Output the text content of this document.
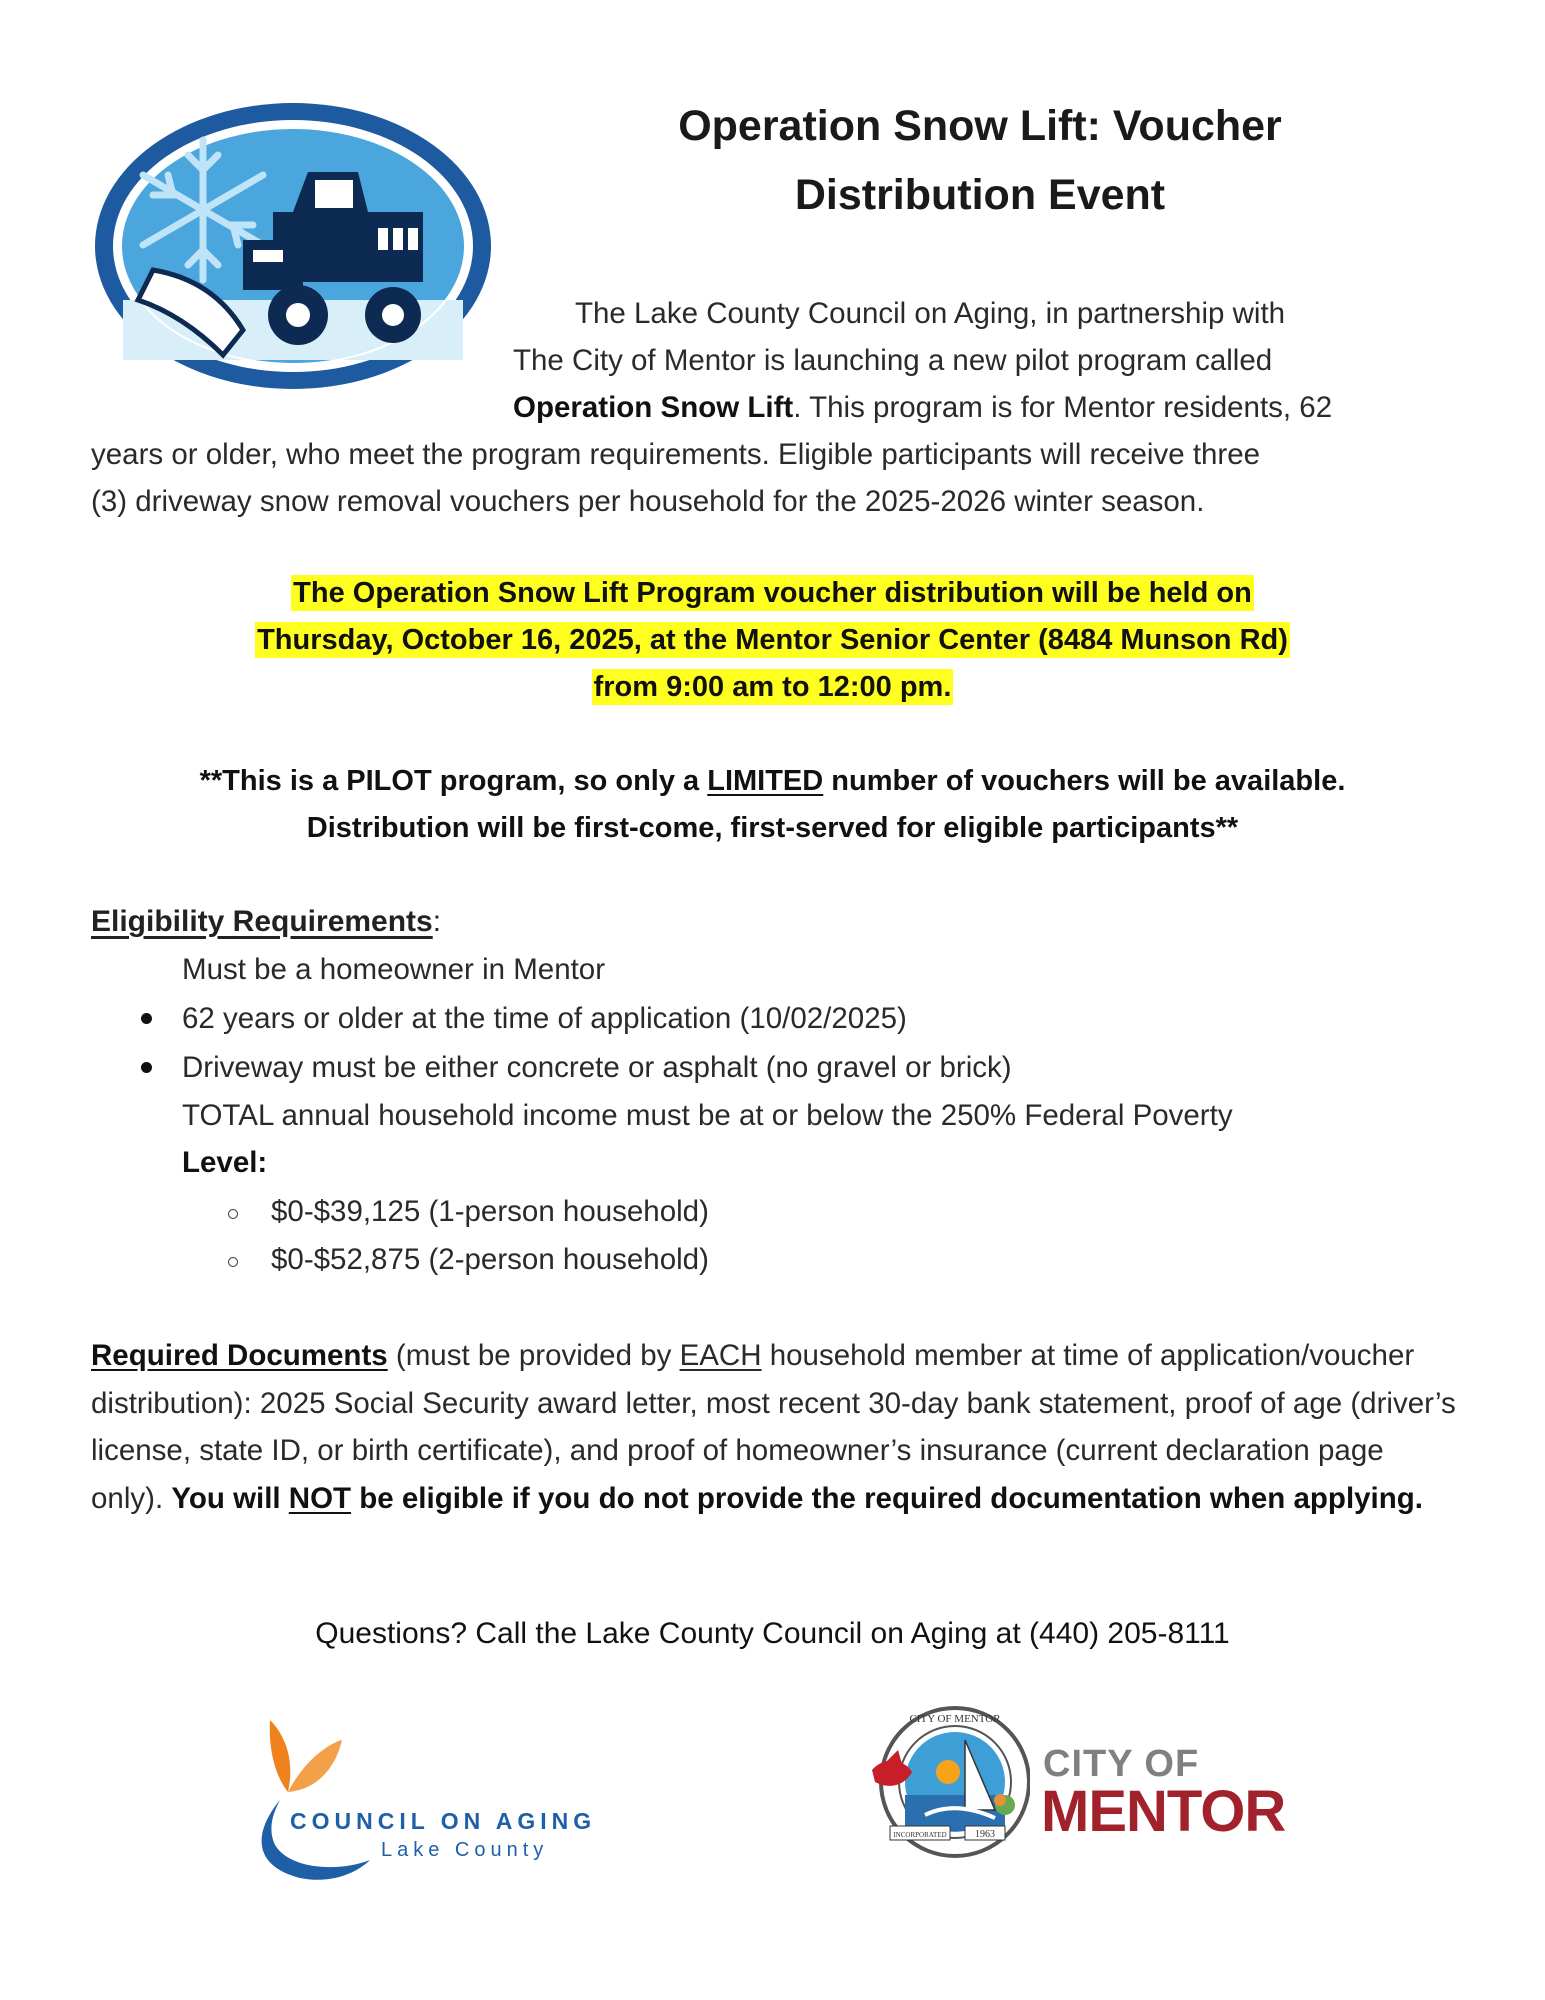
Operation Snow Lift: Voucher
Distribution Event
The Lake County Council on Aging, in partnership with
The City of Mentor is launching a new pilot program called
Operation Snow Lift. This program is for Mentor residents, 62
years or older, who meet the program requirements. Eligible participants will receive three
(3) driveway snow removal vouchers per household for the 2025-2026 winter season.
The Operation Snow Lift Program voucher distribution will be held on
Thursday, October 16, 2025, at the Mentor Senior Center (8484 Munson Rd)
from 9:00 am to 12:00 pm.
**This is a PILOT program, so only a LIMITED number of vouchers will be available.
Distribution will be first-come, first-served for eligible participants**
Eligibility Requirements:
Must be a homeowner in Mentor
62 years or older at the time of application (10/02/2025)
Driveway must be either concrete or asphalt (no gravel or brick)
TOTAL annual household income must be at or below the 250% Federal Poverty
Level:
$0-$39,125 (1-person household)
$0-$52,875 (2-person household)
Required Documents (must be provided by EACH household member at time of application/voucher distribution): 2025 Social Security award letter, most recent 30-day bank statement, proof of age (driver’s license, state ID, or birth certificate), and proof of homeowner’s insurance (current declaration page only). You will NOT be eligible if you do not provide the required documentation when applying.
Questions? Call the Lake County Council on Aging at (440) 205-8111
COUNCIL ON AGING
Lake County
CITY OF MENTOR
INCORPORATED	1963
CITY OF
MENTOR
